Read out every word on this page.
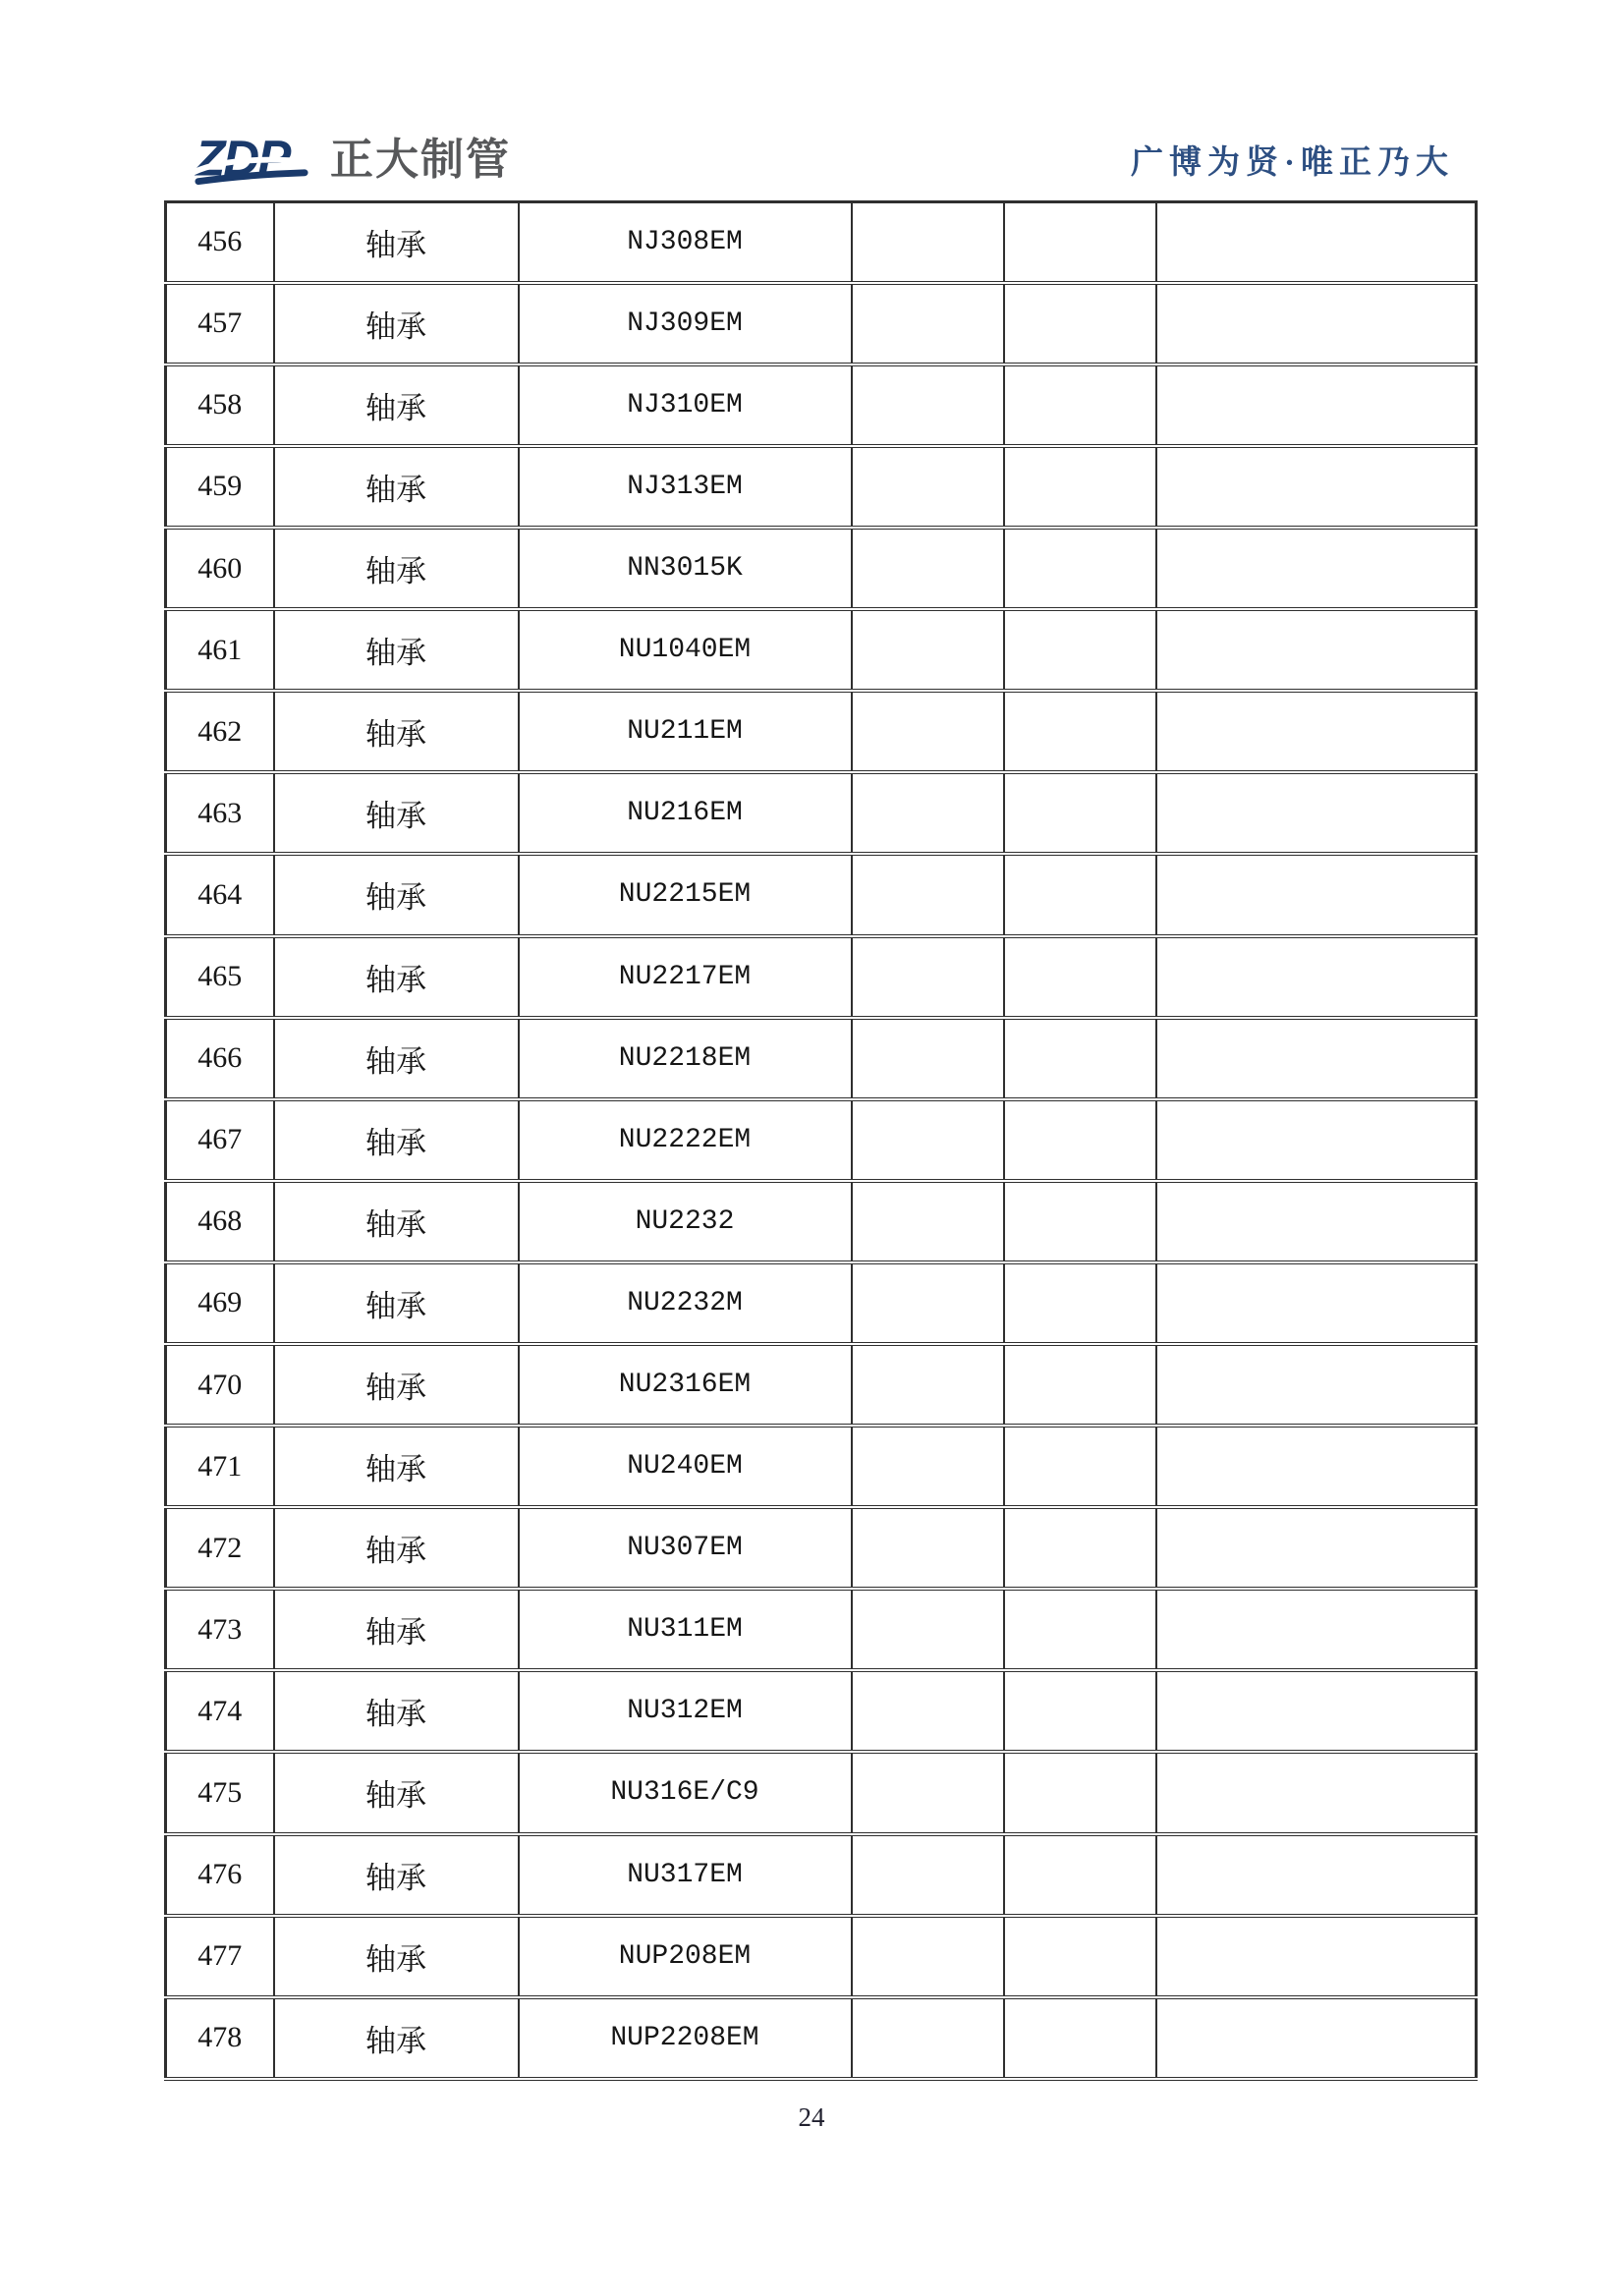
ZDP 正大制管	广博为贤·唯正乃大
456	轴承	NJ308EM			
457	轴承	NJ309EM			
458	轴承	NJ310EM			
459	轴承	NJ313EM			
460	轴承	NN3015K			
461	轴承	NU1040EM			
462	轴承	NU211EM			
463	轴承	NU216EM			
464	轴承	NU2215EM			
465	轴承	NU2217EM			
466	轴承	NU2218EM			
467	轴承	NU2222EM			
468	轴承	NU2232			
469	轴承	NU2232M			
470	轴承	NU2316EM			
471	轴承	NU240EM			
472	轴承	NU307EM			
473	轴承	NU311EM			
474	轴承	NU312EM			
475	轴承	NU316E/C9			
476	轴承	NU317EM			
477	轴承	NUP208EM			
478	轴承	NUP2208EM			
24
